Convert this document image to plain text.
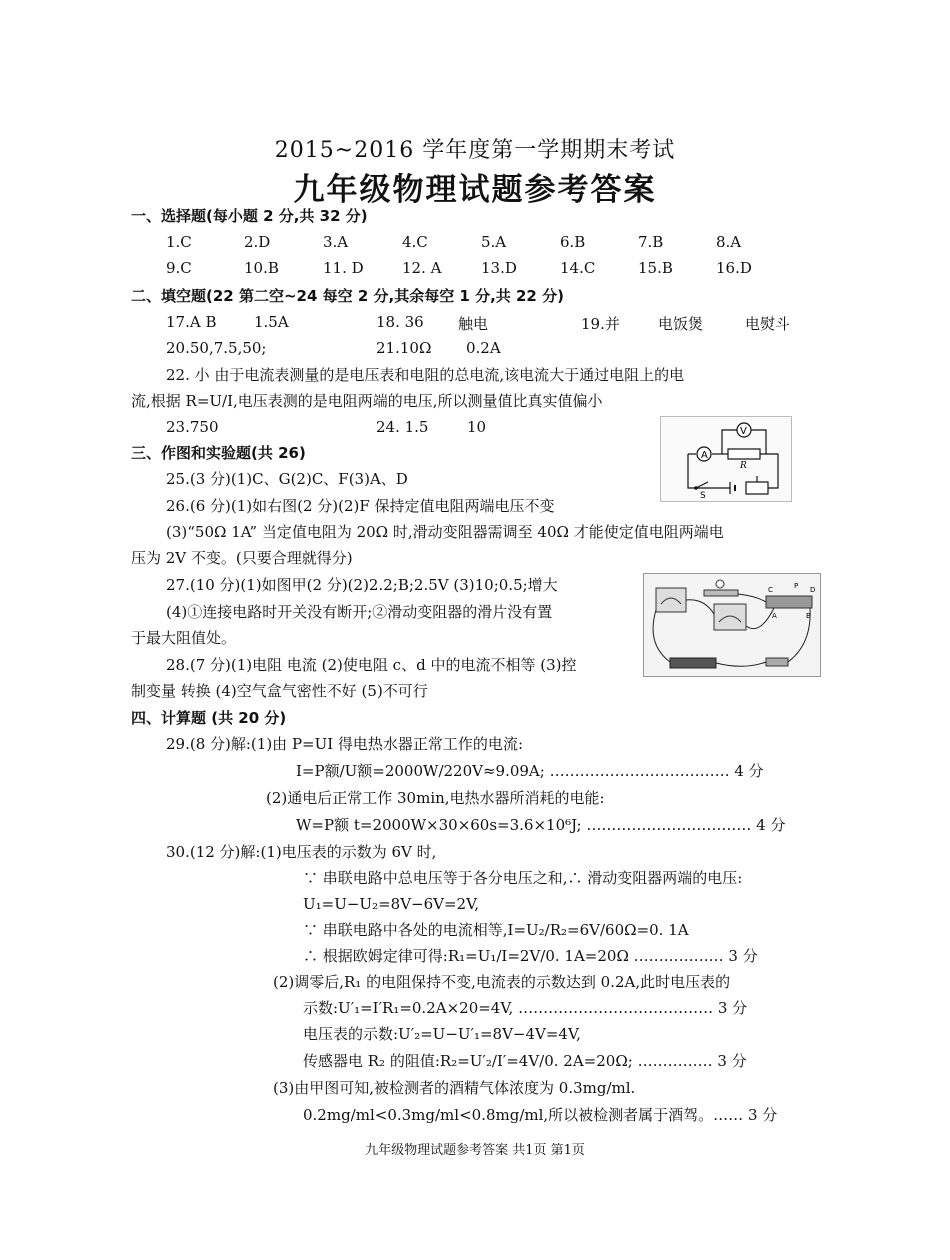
2015~2016 学年度第一学期期末考试
九年级物理试题参考答案
一、选择题(每小题 2 分,共 32 分)
1.C	2.D	3.A	4.C	5.A	6.B	7.B	8.A
9.C	10.B	11. D	12. A	13.D	14.C	15.B	16.D
二、填空题(22 第二空~24 每空 2 分,其余每空 1 分,共 22 分)
17.A B	1.5A	18. 36 触电	19.并	电饭煲	电熨斗
20.50,7.5,50;	21.10Ω 0.2A
22. 小 由于电流表测量的是电压表和电阻的总电流,该电流大于通过电阻上的电
流,根据 R=U/I,电压表测的是电阻两端的电压,所以测量值比真实值偏小
23.750	24. 1.5	10
三、作图和实验题(共 26)
25.(3 分)(1)C、G(2)C、F(3)A、D
26.(6 分)(1)如右图(2 分)(2)F 保持定值电阻两端电压不变
(3)“50Ω 1A” 当定值电阻为 20Ω 时,滑动变阻器需调至 40Ω 才能使定值电阻两端电
压为 2V 不变。(只要合理就得分)
27.(10 分)(1)如图甲(2 分)(2)2.2;B;2.5V (3)10;0.5;增大
(4)①连接电路时开关没有断开;②滑动变阻器的滑片没有置
于最大阻值处。
28.(7 分)(1)电阻 电流 (2)使电阻 c、d 中的电流不相等 (3)控
制变量 转换 (4)空气盒气密性不好 (5)不可行
A
R
V
S
C	P D
A	B
四、计算题 (共 20 分)
29.(8 分)解:(1)由 P=UI 得电热水器正常工作的电流:
I=P额/U额=2000W/220V≈9.09A; ……………………………… 4 分
(2)通电后正常工作 30min,电热水器所消耗的电能:
W=P额 t=2000W×30×60s=3.6×10⁶J; …………………………… 4 分
30.(12 分)解:(1)电压表的示数为 6V 时,
∵ 串联电路中总电压等于各分电压之和,∴ 滑动变阻器两端的电压:
U₁=U−U₂=8V−6V=2V,
∵ 串联电路中各处的电流相等,I=U₂/R₂=6V/60Ω=0. 1A
∴ 根据欧姆定律可得:R₁=U₁/I=2V/0. 1A=20Ω ……………… 3 分
(2)调零后,R₁ 的电阻保持不变,电流表的示数达到 0.2A,此时电压表的
示数:U′₁=I′R₁=0.2A×20=4V, ………………………………… 3 分
电压表的示数:U′₂=U−U′₁=8V−4V=4V,
传感器电 R₂ 的阻值:R₂=U′₂/I′=4V/0. 2A=20Ω; …………… 3 分
(3)由甲图可知,被检测者的酒精气体浓度为 0.3mg/ml.
0.2mg/ml<0.3mg/ml<0.8mg/ml,所以被检测者属于酒驾。…… 3 分
九年级物理试题参考答案 共1页 第1页
